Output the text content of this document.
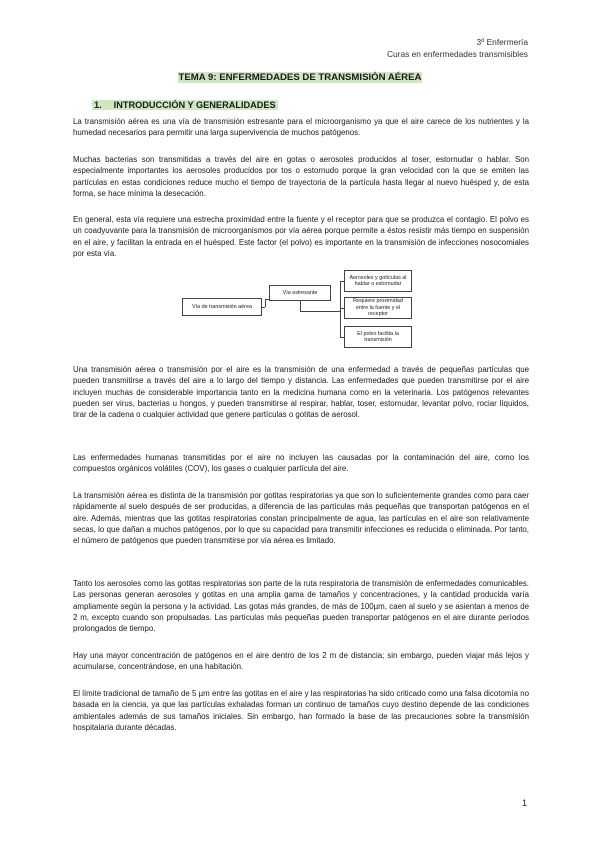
3º Enfermería
Curas en enfermedades transmisibles
TEMA 9: ENFERMEDADES DE TRANSMISIÓN AÉREA
1. INTRODUCCIÓN Y GENERALIDADES

La transmisión aérea es una vía de transmisión estresante para el microorganismo ya que el aire carece de los nutrientes y la humedad necesarios para permitir una larga supervivencia de muchos patógenos.

Muchas bacterias son transmitidas a través del aire en gotas o aerosoles producidos al toser, estornudar o hablar. Son especialmente importantes los aerosoles producidos por tos o estornudo porque la gran velocidad con la que se emiten las partículas en estas condiciones reduce mucho el tiempo de trayectoria de la partícula hasta llegar al nuevo huésped y, de esta forma, se hace mínima la desecación.

En general, esta vía requiere una estrecha proximidad entre la fuente y el receptor para que se produzca el contagio. El polvo es un coadyuvante para la transmisión de microorganismos por vía aérea porque permite a éstos resistir más tiempo en suspensión en el aire, y facilitan la entrada en el huésped. Este factor (el polvo) es importante en la transmisión de infecciones nosocomiales por esta vía.

Vía de transmisión aérea
Vía estresante
Aerosoles y gotículas al hablar o estornudar
Requiere proximidad entre la fuente y el receptor
El polvo facilita la transmisión

Una transmisión aérea o transmisión por el aire es la transmisión de una enfermedad a través de pequeñas partículas que pueden transmitirse a través del aire a lo largo del tiempo y distancia. Las enfermedades que pueden transmitirse por el aire incluyen muchas de considerable importancia tanto en la medicina humana como en la veterinaria. Los patógenos relevantes pueden ser virus, bacterias u hongos, y pueden transmitirse al respirar, hablar, toser, estornudar, levantar polvo, rociar líquidos, tirar de la cadena o cualquier actividad que genere partículas o gotitas de aerosol.

Las enfermedades humanas transmitidas por el aire no incluyen las causadas por la contaminación del aire, como los compuestos orgánicos volátiles (COV), los gases o cualquier partícula del aire.

La transmisión aérea es distinta de la transmisión por gotitas respiratorias ya que son lo suficientemente grandes como para caer rápidamente al suelo después de ser producidas, a diferencia de las partículas más pequeñas que transportan patógenos en el aire. Además, mientras que las gotitas respiratorias constan principalmente de agua, las partículas en el aire son relativamente secas, lo que dañan a muchos patógenos, por lo que su capacidad para transmitir infecciones es reducida o eliminada. Por tanto, el número de patógenos que pueden transmitirse por vía aérea es limitado.

Tanto los aerosoles como las gotitas respiratorias son parte de la ruta respiratoria de transmisión de enfermedades comunicables. Las personas generan aerosoles y gotitas en una amplia gama de tamaños y concentraciones, y la cantidad producida varía ampliamente según la persona y la actividad. Las gotas más grandes, de más de 100µm, caen al suelo y se asientan a menos de 2 m, excepto cuando son propulsadas. Las partículas más pequeñas pueden transportar patógenos en el aire durante períodos prolongados de tiempo.

Hay una mayor concentración de patógenos en el aire dentro de los 2 m de distancia; sin embargo, pueden viajar más lejos y acumularse, concentrándose, en una habitación.

El límite tradicional de tamaño de 5 µm entre las gotitas en el aire y las respiratorias ha sido criticado como una falsa dicotomía no basada en la ciencia, ya que las partículas exhaladas forman un continuo de tamaños cuyo destino depende de las condiciones ambientales además de sus tamaños iniciales. Sin embargo, han formado la base de las precauciones sobre la transmisión hospitalaria durante décadas.

1
